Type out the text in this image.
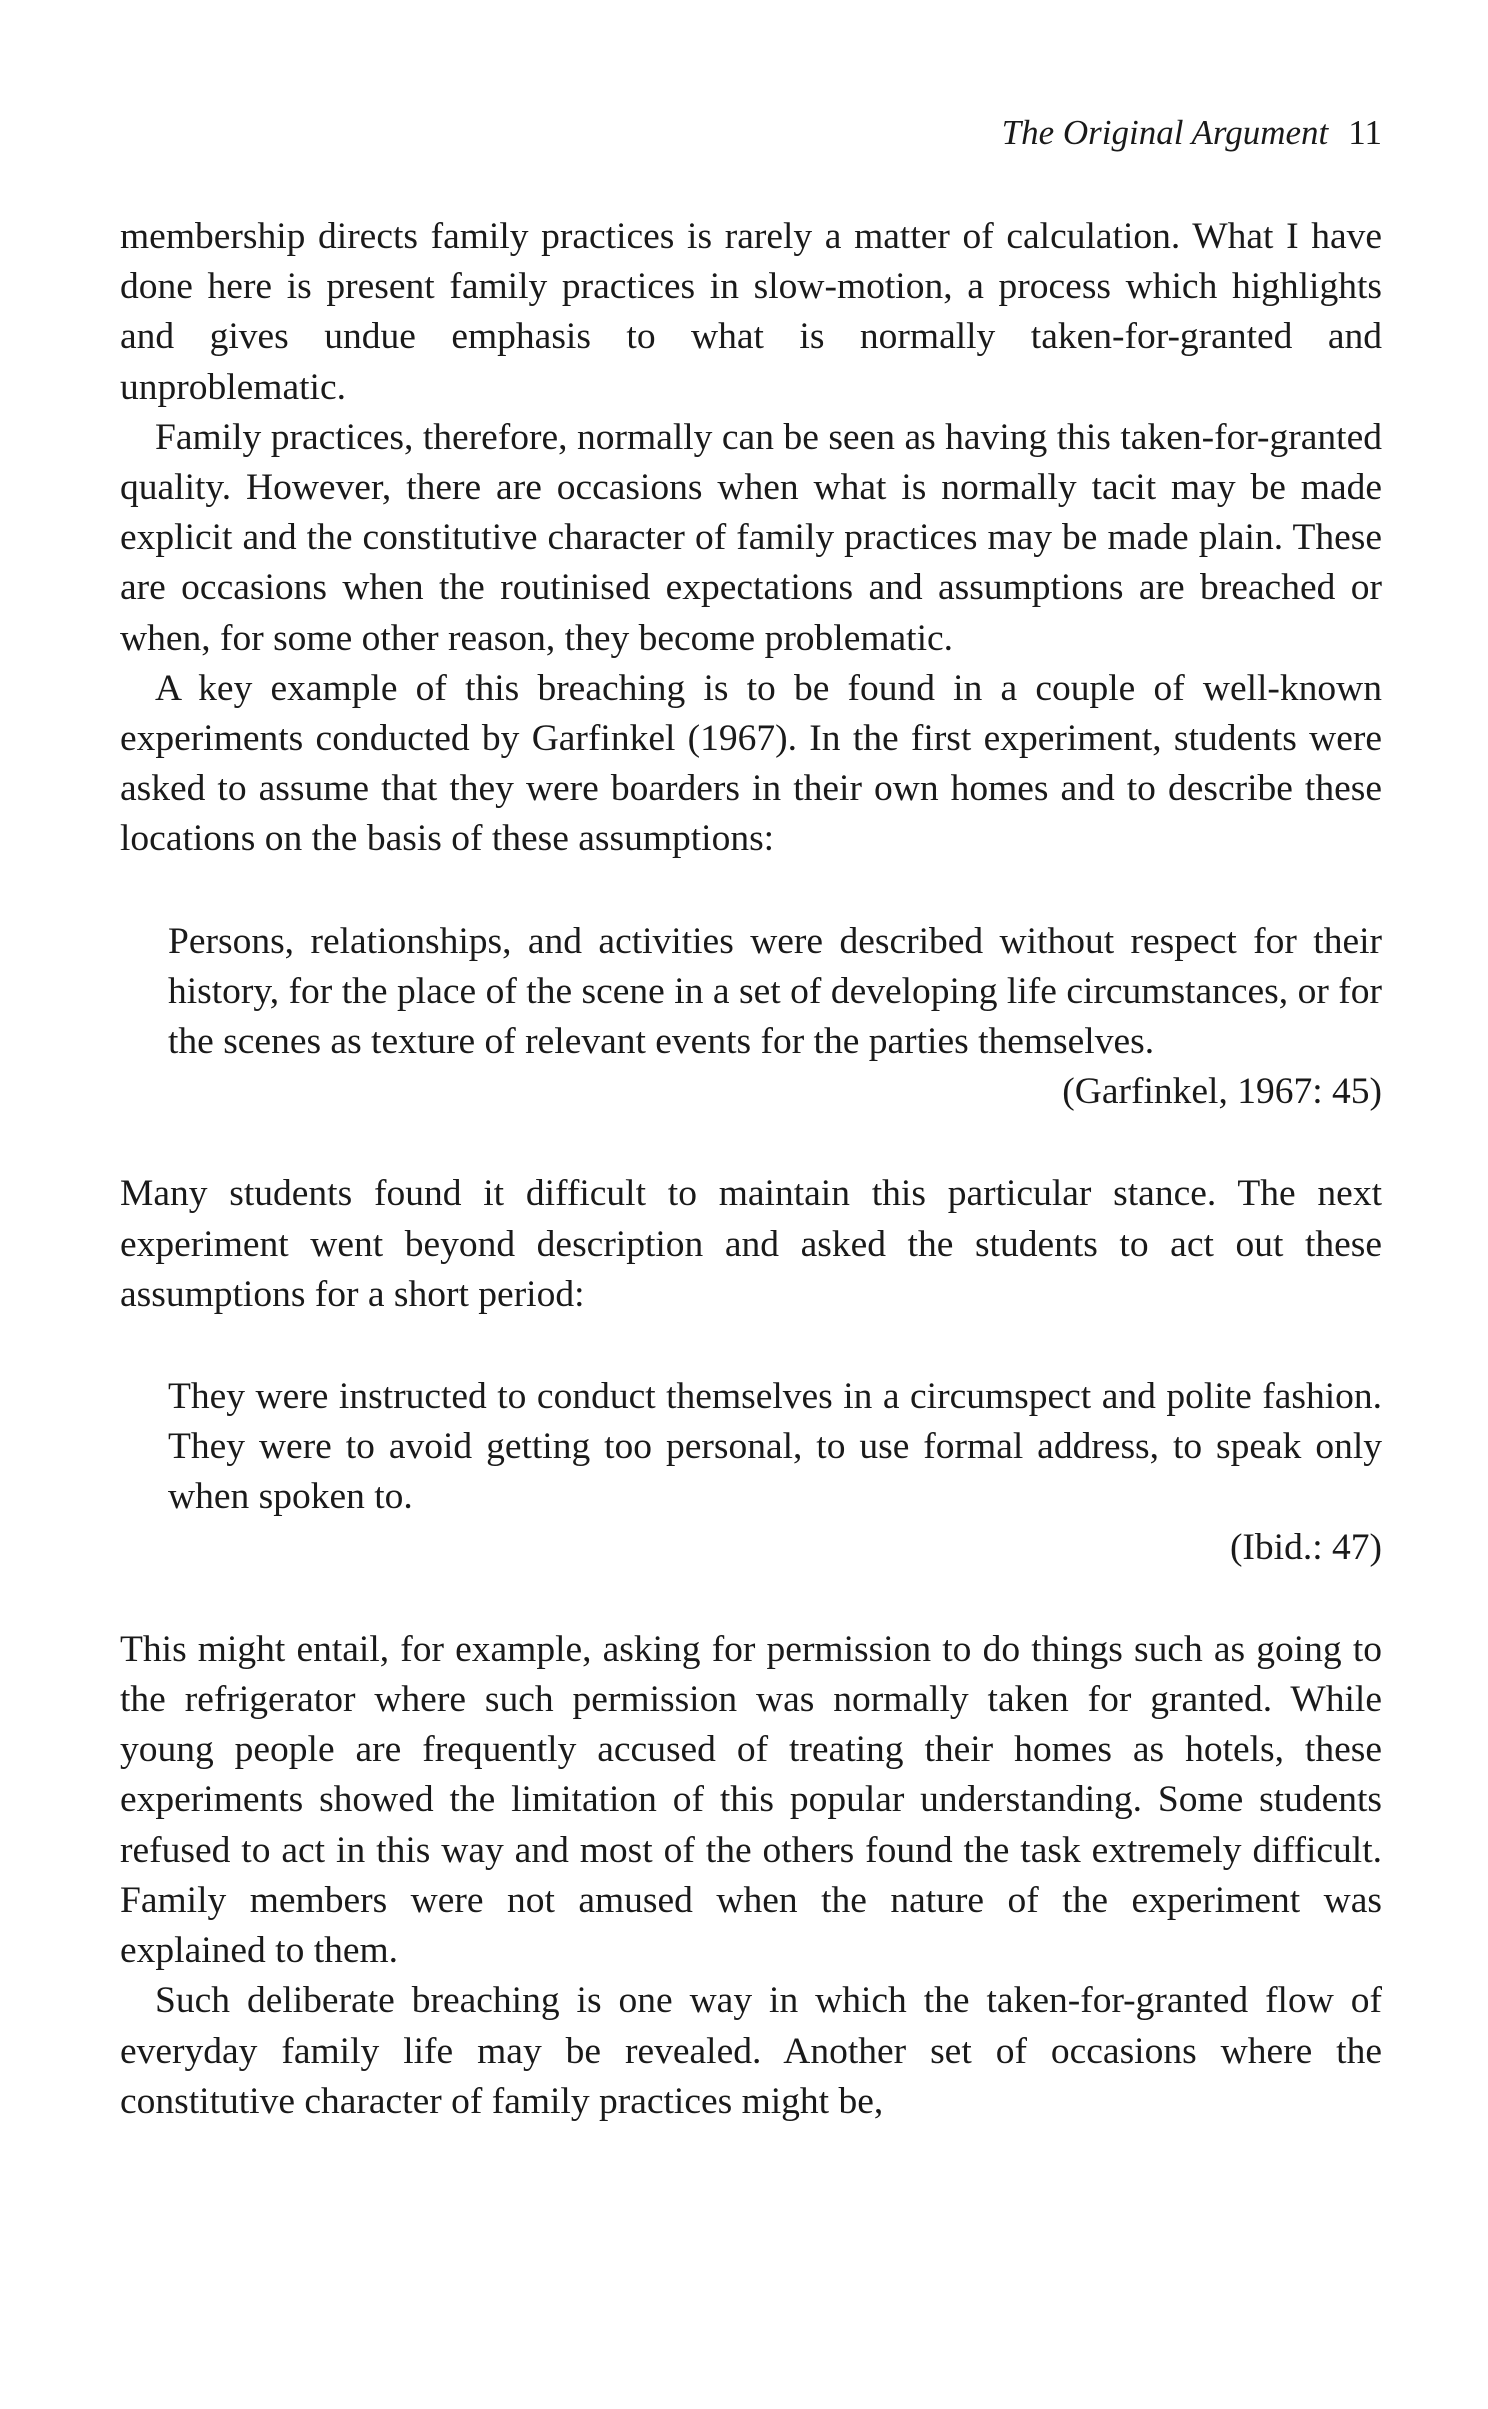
The Original Argument 11

membership directs family practices is rarely a matter of calculation. What I have done here is present family practices in slow-motion, a process which highlights and gives undue emphasis to what is normally taken-for-granted and unproblematic.

Family practices, therefore, normally can be seen as having this taken-for-granted quality. However, there are occasions when what is normally tacit may be made explicit and the constitutive character of family practices may be made plain. These are occasions when the routinised expectations and assumptions are breached or when, for some other reason, they become problematic.

A key example of this breaching is to be found in a couple of well-known experiments conducted by Garfinkel (1967). In the first experiment, students were asked to assume that they were boarders in their own homes and to describe these locations on the basis of these assumptions:

Persons, relationships, and activities were described without respect for their history, for the place of the scene in a set of developing life circumstances, or for the scenes as texture of relevant events for the parties themselves.

(Garfinkel, 1967: 45)

Many students found it difficult to maintain this particular stance. The next experiment went beyond description and asked the students to act out these assumptions for a short period:

They were instructed to conduct themselves in a circumspect and polite fashion. They were to avoid getting too personal, to use formal address, to speak only when spoken to.

(Ibid.: 47)

This might entail, for example, asking for permission to do things such as going to the refrigerator where such permission was normally taken for granted. While young people are frequently accused of treating their homes as hotels, these experiments showed the limitation of this popular understanding. Some students refused to act in this way and most of the others found the task extremely difficult. Family members were not amused when the nature of the experiment was explained to them.

Such deliberate breaching is one way in which the taken-for-granted flow of everyday family life may be revealed. Another set of occasions where the constitutive character of family practices might be,
